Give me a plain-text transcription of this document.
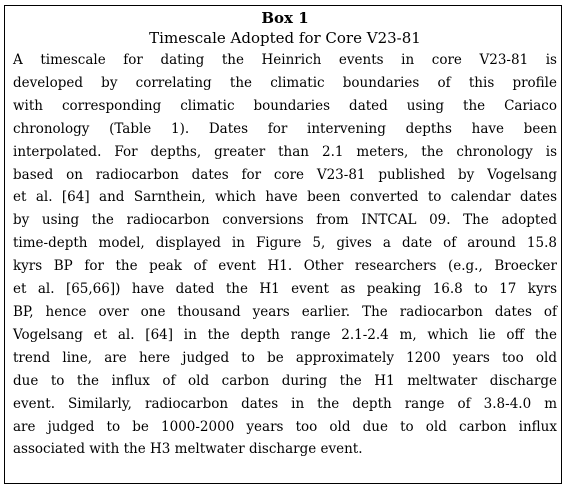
Box 1

Timescale Adopted for Core V23-81

A timescale for dating the Heinrich events in core V23-81 is
developed by correlating the climatic boundaries of this profile
with corresponding climatic boundaries dated using the Cariaco
chronology (Table 1). Dates for intervening depths have been
interpolated. For depths, greater than 2.1 meters, the chronology is
based on radiocarbon dates for core V23-81 published by Vogelsang
et al. [64] and Sarnthein, which have been converted to calendar dates
by using the radiocarbon conversions from INTCAL 09. The adopted
time-depth model, displayed in Figure 5, gives a date of around 15.8
kyrs BP for the peak of event H1. Other researchers (e.g., Broecker
et al. [65,66]) have dated the H1 event as peaking 16.8 to 17 kyrs
BP, hence over one thousand years earlier. The radiocarbon dates of
Vogelsang et al. [64] in the depth range 2.1-2.4 m, which lie off the
trend line, are here judged to be approximately 1200 years too old
due to the influx of old carbon during the H1 meltwater discharge
event. Similarly, radiocarbon dates in the depth range of 3.8-4.0 m
are judged to be 1000-2000 years too old due to old carbon influx
associated with the H3 meltwater discharge event.
